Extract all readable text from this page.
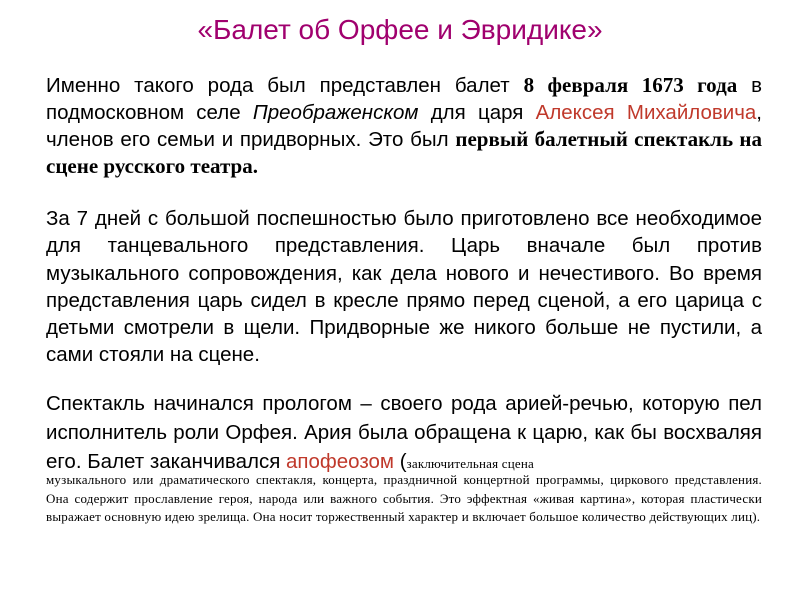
«Балет об Орфее и Эвридике»

Именно такого рода был представлен балет 8 февраля 1673 года в подмосковном селе Преображенском для царя Алексея Михайловича, членов его семьи и придворных. Это был первый балетный спектакль на сцене русского театра.

За 7 дней с большой поспешностью было приготовлено все необходимое для танцевального представления. Царь вначале был против музыкального сопровождения, как дела нового и нечестивого. Во время представления царь сидел в кресле прямо перед сценой, а его царица с детьми смотрели в щели. Придворные же никого больше не пустили, а сами стояли на сцене.

Спектакль начинался прологом – своего рода арией-речью, которую пел исполнитель роли Орфея. Ария была обращена к царю, как бы восхваляя его. Балет заканчивался апофеозом (заключительная сцена

музыкального или драматического спектакля, концерта, праздничной концертной программы, циркового представления. Она содержит прославление героя, народа или важного события. Это эффектная «живая картина», которая пластически выражает основную идею зрелища. Она носит торжественный характер и включает большое количество действующих лиц).
